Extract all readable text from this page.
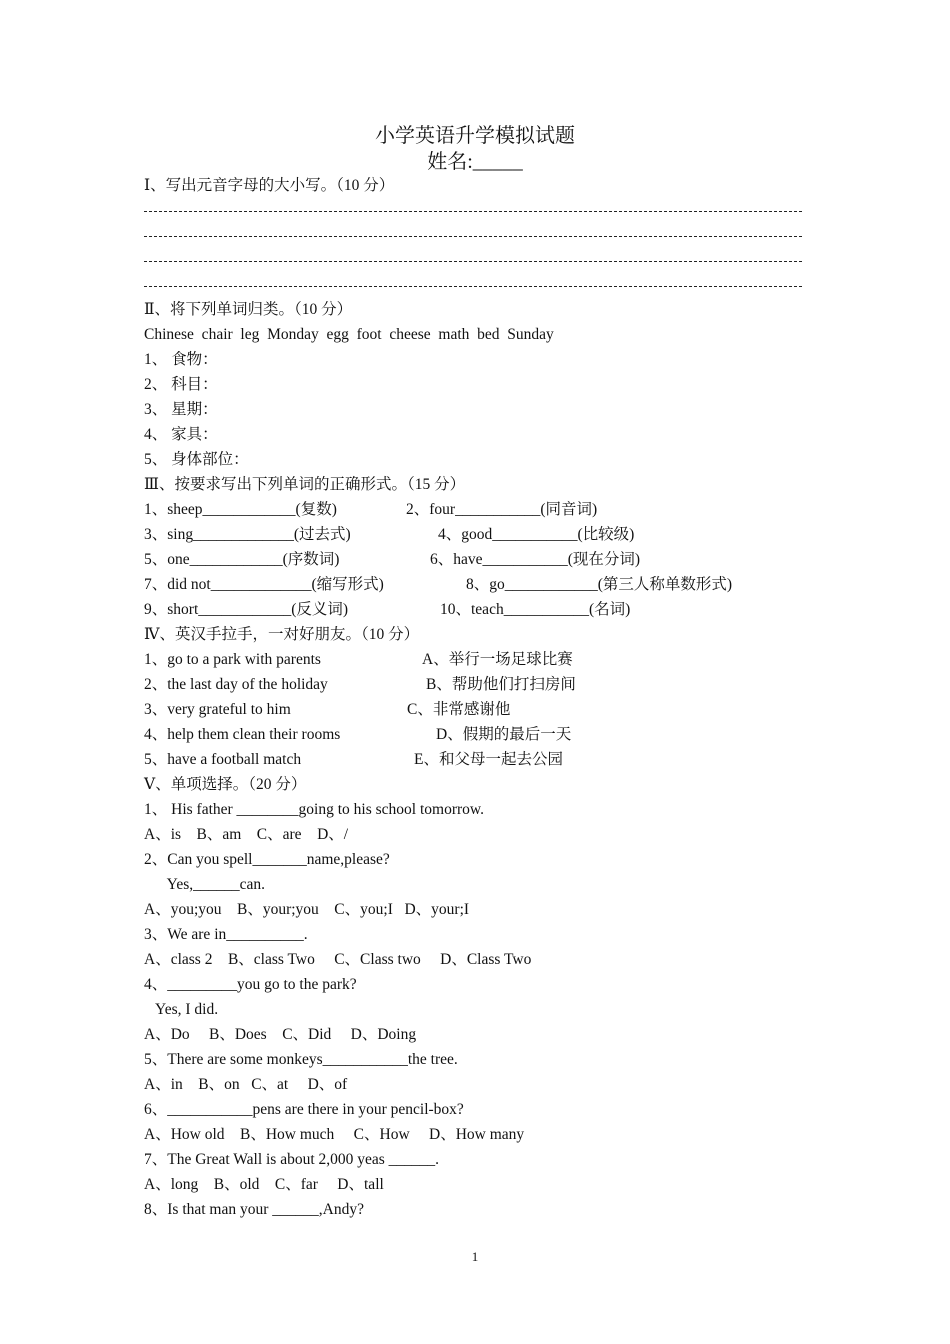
小学英语升学模拟试题
姓名:_____
Ⅰ、写出元音字母的大小写。（10 分）
Ⅱ、将下列单词归类。（10 分）
Chinese  chair  leg  Monday  egg  foot  cheese  math  bed  Sunday
1、 食物：
2、 科目：
3、 星期：
4、 家具：
5、 身体部位：
Ⅲ、按要求写出下列单词的正确形式。（15 分）
1、sheep____________(复数)	2、four___________(同音词)
3、sing_____________(过去式)	4、good___________(比较级)
5、one____________(序数词)	6、have___________(现在分词)
7、did not_____________(缩写形式)	8、go____________(第三人称单数形式)
9、short____________(反义词)	10、teach___________(名词)
Ⅳ、英汉手拉手，一对好朋友。（10 分）
1、go to a park with parents	A、举行一场足球比赛
2、the last day of the holiday	B、帮助他们打扫房间
3、very grateful to him	C、非常感谢他
4、help them clean their rooms	D、假期的最后一天
5、have a football match	E、和父母一起去公园
Ⅴ、单项选择。（20 分）
1、 His father ________going to his school tomorrow.
A、is    B、am    C、are    D、/
2、Can you spell_______name,please?
Yes,______can.
A、you;you    B、your;you    C、you;I   D、your;I
3、We are in__________.
A、class 2    B、class Two     C、Class two     D、Class Two
4、_________you go to the park?
Yes, I did.
A、Do     B、Does    C、Did     D、Doing
5、There are some monkeys___________the tree.
A、in    B、on   C、at     D、of
6、___________pens are there in your pencil-box?
A、How old    B、How much     C、How     D、How many
7、The Great Wall is about 2,000 yeas ______.
A、long    B、old    C、far     D、tall
8、Is that man your ______,Andy?
1
